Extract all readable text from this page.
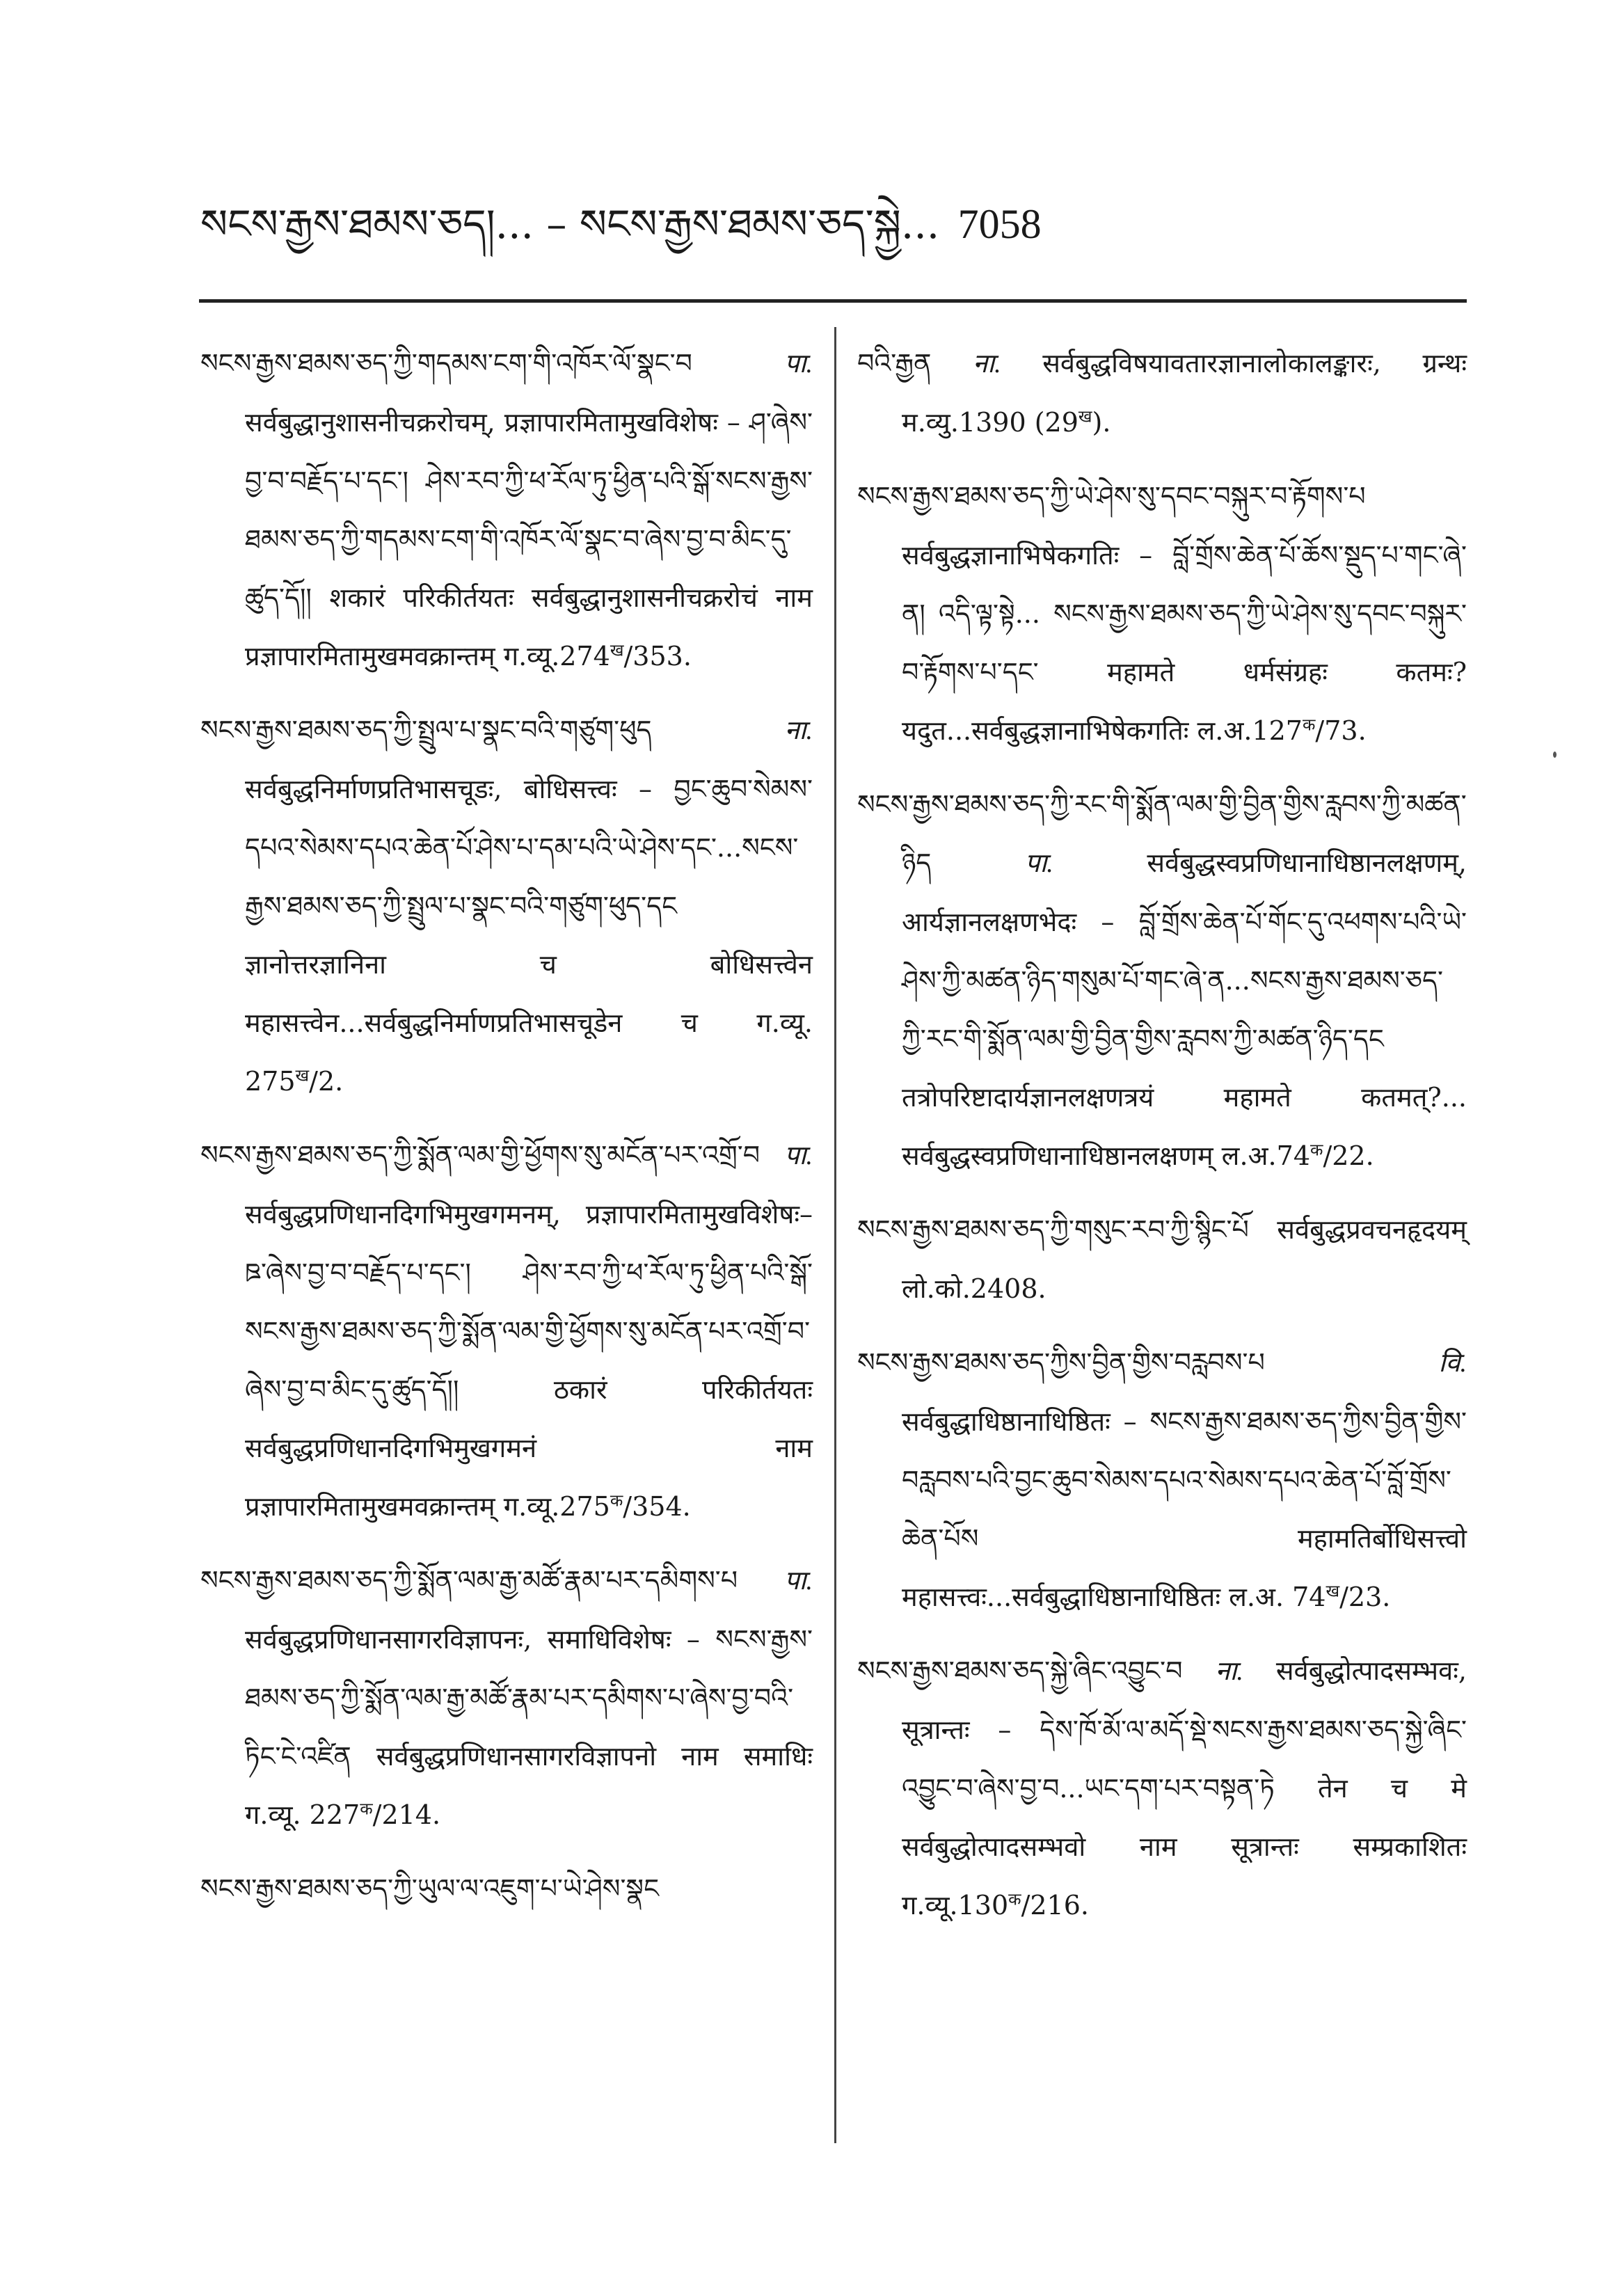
སངས་རྒྱས་ཐམས་ཅད།... – སངས་རྒྱས་ཐམས་ཅད་སྐྱེ... 7058

སངས་རྒྱས་ཐམས་ཅད་ཀྱི་གདམས་ངག་གི་འཁོར་ལོ་སྣང་བ	पा. सर्वबुद्धानुशासनीचक्ररोचम्, प्रज्ञापारमितामुखविशेषः – ཤ་ཞེས་བྱ་བ་བརྗོད་པ་དང་། ཤེས་རབ་ཀྱི་ཕ་རོལ་ཏུ་ཕྱིན་པའི་སྒོ་སངས་རྒྱས་ཐམས་ཅད་ཀྱི་གདམས་ངག་གི་འཁོར་ལོ་སྣང་བ་ཞེས་བྱ་བ་མིང་དུ་ཚུད་དོ།། शकारं परिकीर्तयतः सर्वबुद्धानुशासनीचक्ररोचं नाम प्रज्ञापारमितामुखमवक्रान्तम् $ग.व्यू.274^ख/353$.

སངས་རྒྱས་ཐམས་ཅད་ཀྱི་སྤྲུལ་པ་སྣང་བའི་གཙུག་ཕུད	ना. सर्वबुद्धनिर्माणप्रतिभासचूडः, बोधिसत्त्वः – བྱང་ཆུབ་སེམས་དཔའ་སེམས་དཔའ་ཆེན་པོ་ཤེས་པ་དམ་པའི་ཡེ་ཤེས་དང་...སངས་རྒྱས་ཐམས་ཅད་ཀྱི་སྤྲུལ་པ་སྣང་བའི་གཙུག་ཕུད་དང ज्ञानोत्तरज्ञानिना च बोधिसत्त्वेन महासत्त्वेन...सर्वबुद्धनिर्माणप्रतिभासचूडेन च ग.व्यू. $275^ख/2$.

སངས་རྒྱས་ཐམས་ཅད་ཀྱི་སྨོན་ལམ་གྱི་ཕྱོགས་སུ་མངོན་པར་འགྲོ་བ पा. सर्वबुद्धप्रणिधानदिगभिमुखगमनम्, प्रज्ञापारमितामुखविशेषः– ཋ་ཞེས་བྱ་བ་བརྗོད་པ་དང་། ཤེས་རབ་ཀྱི་ཕ་རོལ་ཏུ་ཕྱིན་པའི་སྒོ་སངས་རྒྱས་ཐམས་ཅད་ཀྱི་སྨོན་ལམ་གྱི་ཕྱོགས་སུ་མངོན་པར་འགྲོ་བ་ཞེས་བྱ་བ་མིང་དུ་ཚུད་དོ།། ठकारं परिकीर्तयतः सर्वबुद्धप्रणिधानदिगभिमुखगमनं नाम प्रज्ञापारमितामुखमवक्रान्तम् $ग.व्यू.275^क/354$.

སངས་རྒྱས་ཐམས་ཅད་ཀྱི་སྨོན་ལམ་རྒྱ་མཚོ་རྣམ་པར་དམིགས་པ पा. सर्वबुद्धप्रणिधानसागरविज्ञापनः, समाधिविशेषः – སངས་རྒྱས་ཐམས་ཅད་ཀྱི་སྨོན་ལམ་རྒྱ་མཚོ་རྣམ་པར་དམིགས་པ་ཞེས་བྱ་བའི་ཏིང་ངེ་འཛིན सर्वबुद्धप्रणिधानसागरविज्ञापनो नाम समाधिः ग.व्यू. $227^क/214$.

སངས་རྒྱས་ཐམས་ཅད་ཀྱི་ཡུལ་ལ་འཇུག་པ་ཡེ་ཤེས་སྣང

བའི་རྒྱན ना. सर्वबुद्धविषयावतारज्ञानालोकालङ्कारः, ग्रन्थः म.व्यु.1390 $(29^ख)$.

སངས་རྒྱས་ཐམས་ཅད་ཀྱི་ཡེ་ཤེས་སུ་དབང་བསྐུར་བ་རྟོགས་པ सर्वबुद्धज्ञानाभिषेकगतिः – བློ་གྲོས་ཆེན་པོ་ཆོས་སྡུད་པ་གང་ཞེ་ན། འདི་ལྟ་སྟེ... སངས་རྒྱས་ཐམས་ཅད་ཀྱི་ཡེ་ཤེས་སུ་དབང་བསྐུར་བ་རྟོགས་པ་དང་ महामते धर्मसंग्रहः कतमः? यदुत...सर्वबुद्धज्ञानाभिषेकगतिः $ल.अ.127^क/73$.

སངས་རྒྱས་ཐམས་ཅད་ཀྱི་རང་གི་སྨོན་ལམ་གྱི་བྱིན་གྱིས་རླབས་ཀྱི་མཚན་ཉིད	पा.	सर्वबुद्धस्वप्रणिधानाधिष्ठानलक्षणम्, आर्यज्ञानलक्षणभेदः – བློ་གྲོས་ཆེན་པོ་གོང་དུ་འཕགས་པའི་ཡེ་ཤེས་ཀྱི་མཚན་ཉིད་གསུམ་པོ་གང་ཞེ་ན...སངས་རྒྱས་ཐམས་ཅད་ཀྱི་རང་གི་སྨོན་ལམ་གྱི་བྱིན་གྱིས་རླབས་ཀྱི་མཚན་ཉིད་དང तत्रोपरिष्टादार्यज्ञानलक्षणत्रयं महामते कतमत्?... सर्वबुद्धस्वप्रणिधानाधिष्ठानलक्षणम् $ल.अ.74^क/22$.

སངས་རྒྱས་ཐམས་ཅད་ཀྱི་གསུང་རབ་ཀྱི་སྙིང་པོ सर्वबुद्धप्रवचनहृदयम् लो.को.2408.

སངས་རྒྱས་ཐམས་ཅད་ཀྱིས་བྱིན་གྱིས་བརླབས་པ	वि. सर्वबुद्धाधिष्ठानाधिष्ठितः – སངས་རྒྱས་ཐམས་ཅད་ཀྱིས་བྱིན་གྱིས་བརླབས་པའི་བྱང་ཆུབ་སེམས་དཔའ་སེམས་དཔའ་ཆེན་པོ་བློ་གྲོས་ཆེན་པོས महामतिर्बोधिसत्त्वो महासत्त्वः...सर्वबुद्धाधिष्ठानाधिष्ठितः ल.अ. $74^ख/23$.

སངས་རྒྱས་ཐམས་ཅད་སྐྱེ་ཞིང་འབྱུང་བ ना. सर्वबुद्धोत्पादसम्भवः, सूत्रान्तः – དེས་ཁོ་མོ་ལ་མདོ་སྡེ་སངས་རྒྱས་ཐམས་ཅད་སྐྱེ་ཞིང་འབྱུང་བ་ཞེས་བྱ་བ...ཡང་དག་པར་བསྟན་ཏེ तेन च मे सर्वबुद्धोत्पादसम्भवो नाम सूत्रान्तः सम्प्रकाशितः $ग.व्यू.130^क/216$.
